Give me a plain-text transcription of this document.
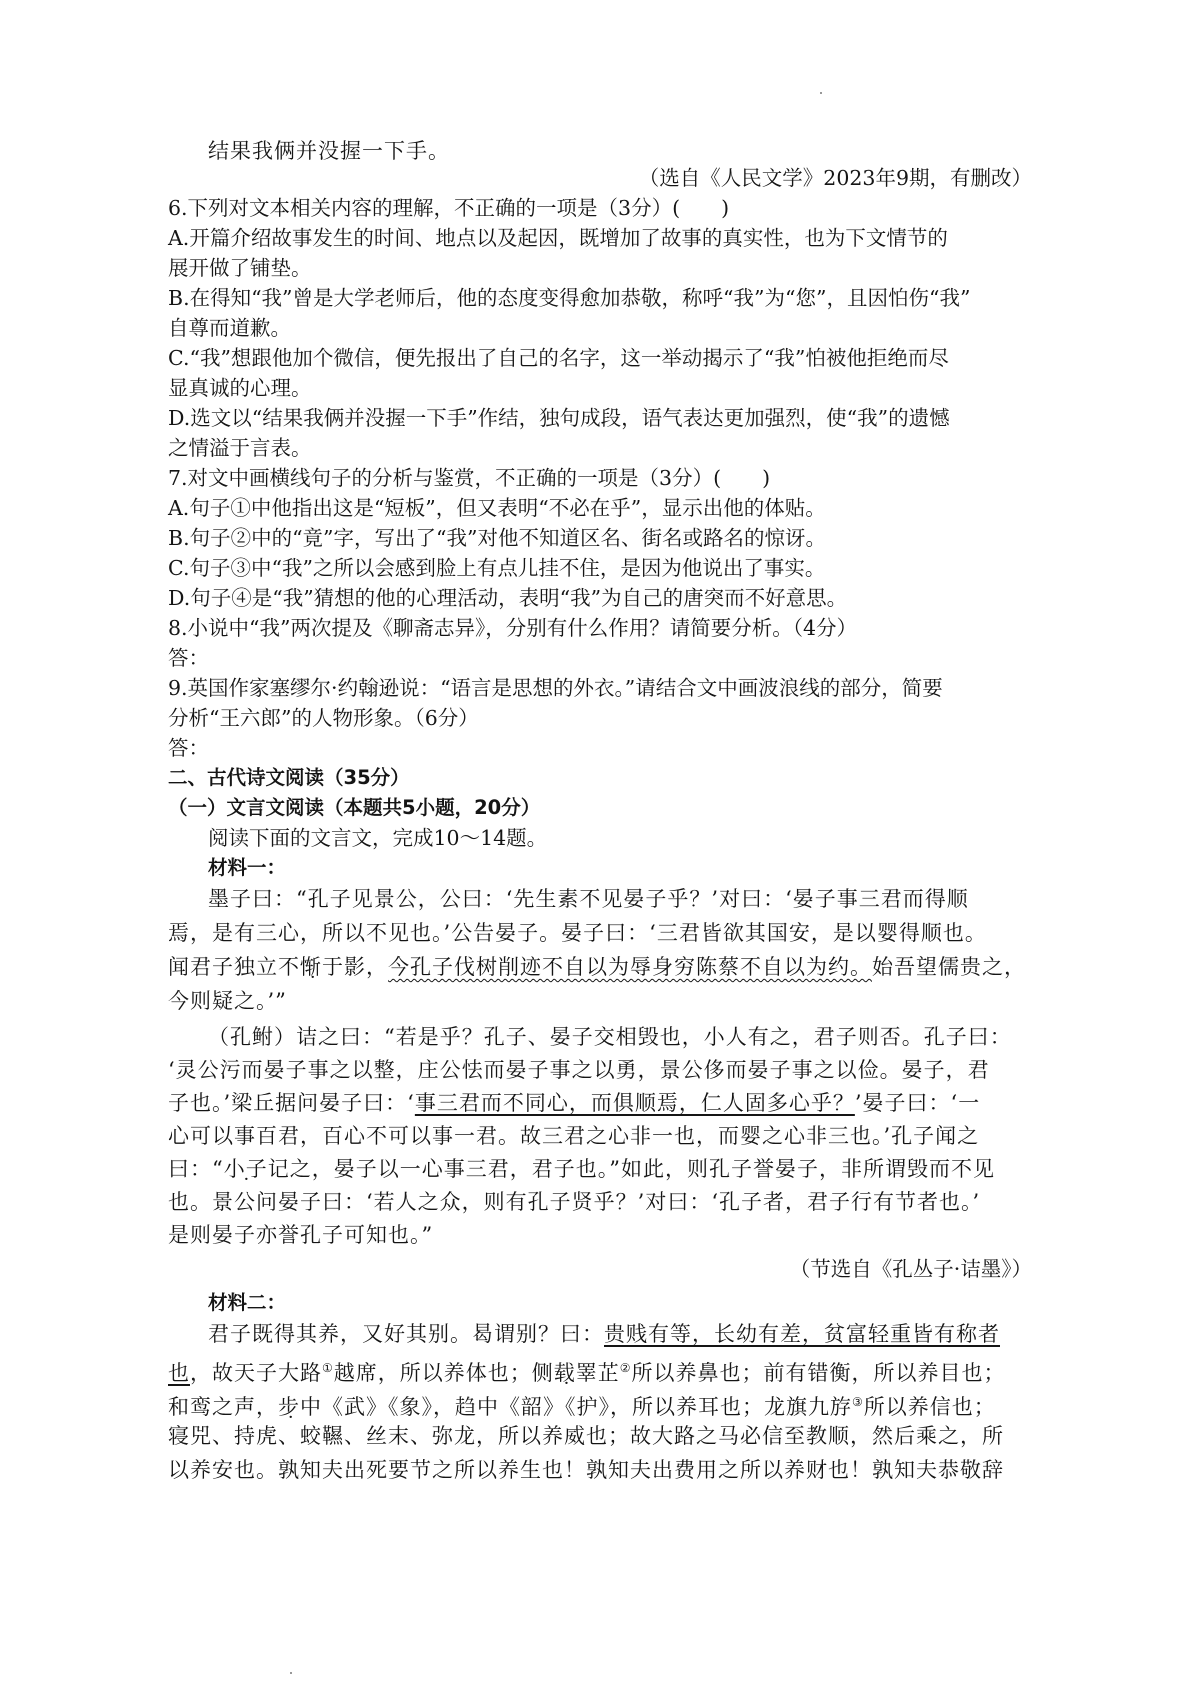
结果我俩并没握一下手。
（选自《人民文学》2023年9期，有删改）
6.下列对文本相关内容的理解，不正确的一项是（3分）(　　)
A.开篇介绍故事发生的时间、地点以及起因，既增加了故事的真实性，也为下文情节的
展开做了铺垫。
B.在得知“我”曾是大学老师后，他的态度变得愈加恭敬，称呼“我”为“您”，且因怕伤“我”
自尊而道歉。
C.“我”想跟他加个微信，便先报出了自己的名字，这一举动揭示了“我”怕被他拒绝而尽
显真诚的心理。
D.选文以“结果我俩并没握一下手”作结，独句成段，语气表达更加强烈，使“我”的遗憾
之情溢于言表。
7.对文中画横线句子的分析与鉴赏，不正确的一项是（3分）(　　)
A.句子①中他指出这是“短板”，但又表明“不必在乎”，显示出他的体贴。
B.句子②中的“竟”字，写出了“我”对他不知道区名、街名或路名的惊讶。
C.句子③中“我”之所以会感到脸上有点儿挂不住，是因为他说出了事实。
D.句子④是“我”猜想的他的心理活动，表明“我”为自己的唐突而不好意思。
8.小说中“我”两次提及《聊斋志异》，分别有什么作用？请简要分析。（4分）
答：
9.英国作家塞缪尔·约翰逊说：“语言是思想的外衣。”请结合文中画波浪线的部分，简要
分析“王六郎”的人物形象。（6分）
答：
二、古代诗文阅读（35分）
（一）文言文阅读（本题共5小题，20分）
阅读下面的文言文，完成10～14题。
材料一：
墨子曰：“孔子见景公，公曰：‘先生素不见晏子乎？’对曰：‘晏子事三君而得顺
焉，是有三心，所以不见也。’公告晏子。晏子曰：‘三君皆欲其国安，是以婴得顺也。
闻君子独立不惭于影，今孔子伐树削迹不自以为辱身穷陈蔡不自以为约。始吾望儒贵之，
今则疑之。’”
（孔鲋）诘之曰：“若是乎？孔子、晏子交相毁也，小人有之，君子则否。孔子曰：
‘灵公污而晏子事之以整，庄公怯而晏子事之以勇，景公侈而晏子事之以俭。晏子，君
子也。’梁丘据问晏子曰：‘事三君而不同心，而俱顺焉，仁人固多心乎？’晏子曰：‘一
心可以事百君，百心不可以事一君。故三君之心非一也，而婴之心非三也。’孔子闻之
曰：“小子记之，晏子以一心事三君，君子也。”如此，则孔子誉晏子，非所谓毁而不见
也。景公问晏子曰：‘若人之众，则有孔子贤乎？’对曰：‘孔子者，君子行有节者也。’
是则晏子亦誉孔子可知也。”
（节选自《孔丛子·诘墨》）
材料二：
君子既得其养，又好其别。曷谓别？曰：贵贱有等，长幼有差，贫富轻重皆有称者
也，故天子大路①越席，所以养体也；侧载睪芷②所以养鼻也；前有错衡，所以养目也；
和鸾之声，步中《武》《象》，趋中《韶》《护》，所以养耳也；龙旗九斿③所以养信也；
寝兕、持虎、蛟韅、丝末、弥龙，所以养威也；故大路之马必信至教顺，然后乘之，所
以养安也。孰知夫出死要节之所以养生也！孰知夫出费用之所以养财也！孰知夫恭敬辞
